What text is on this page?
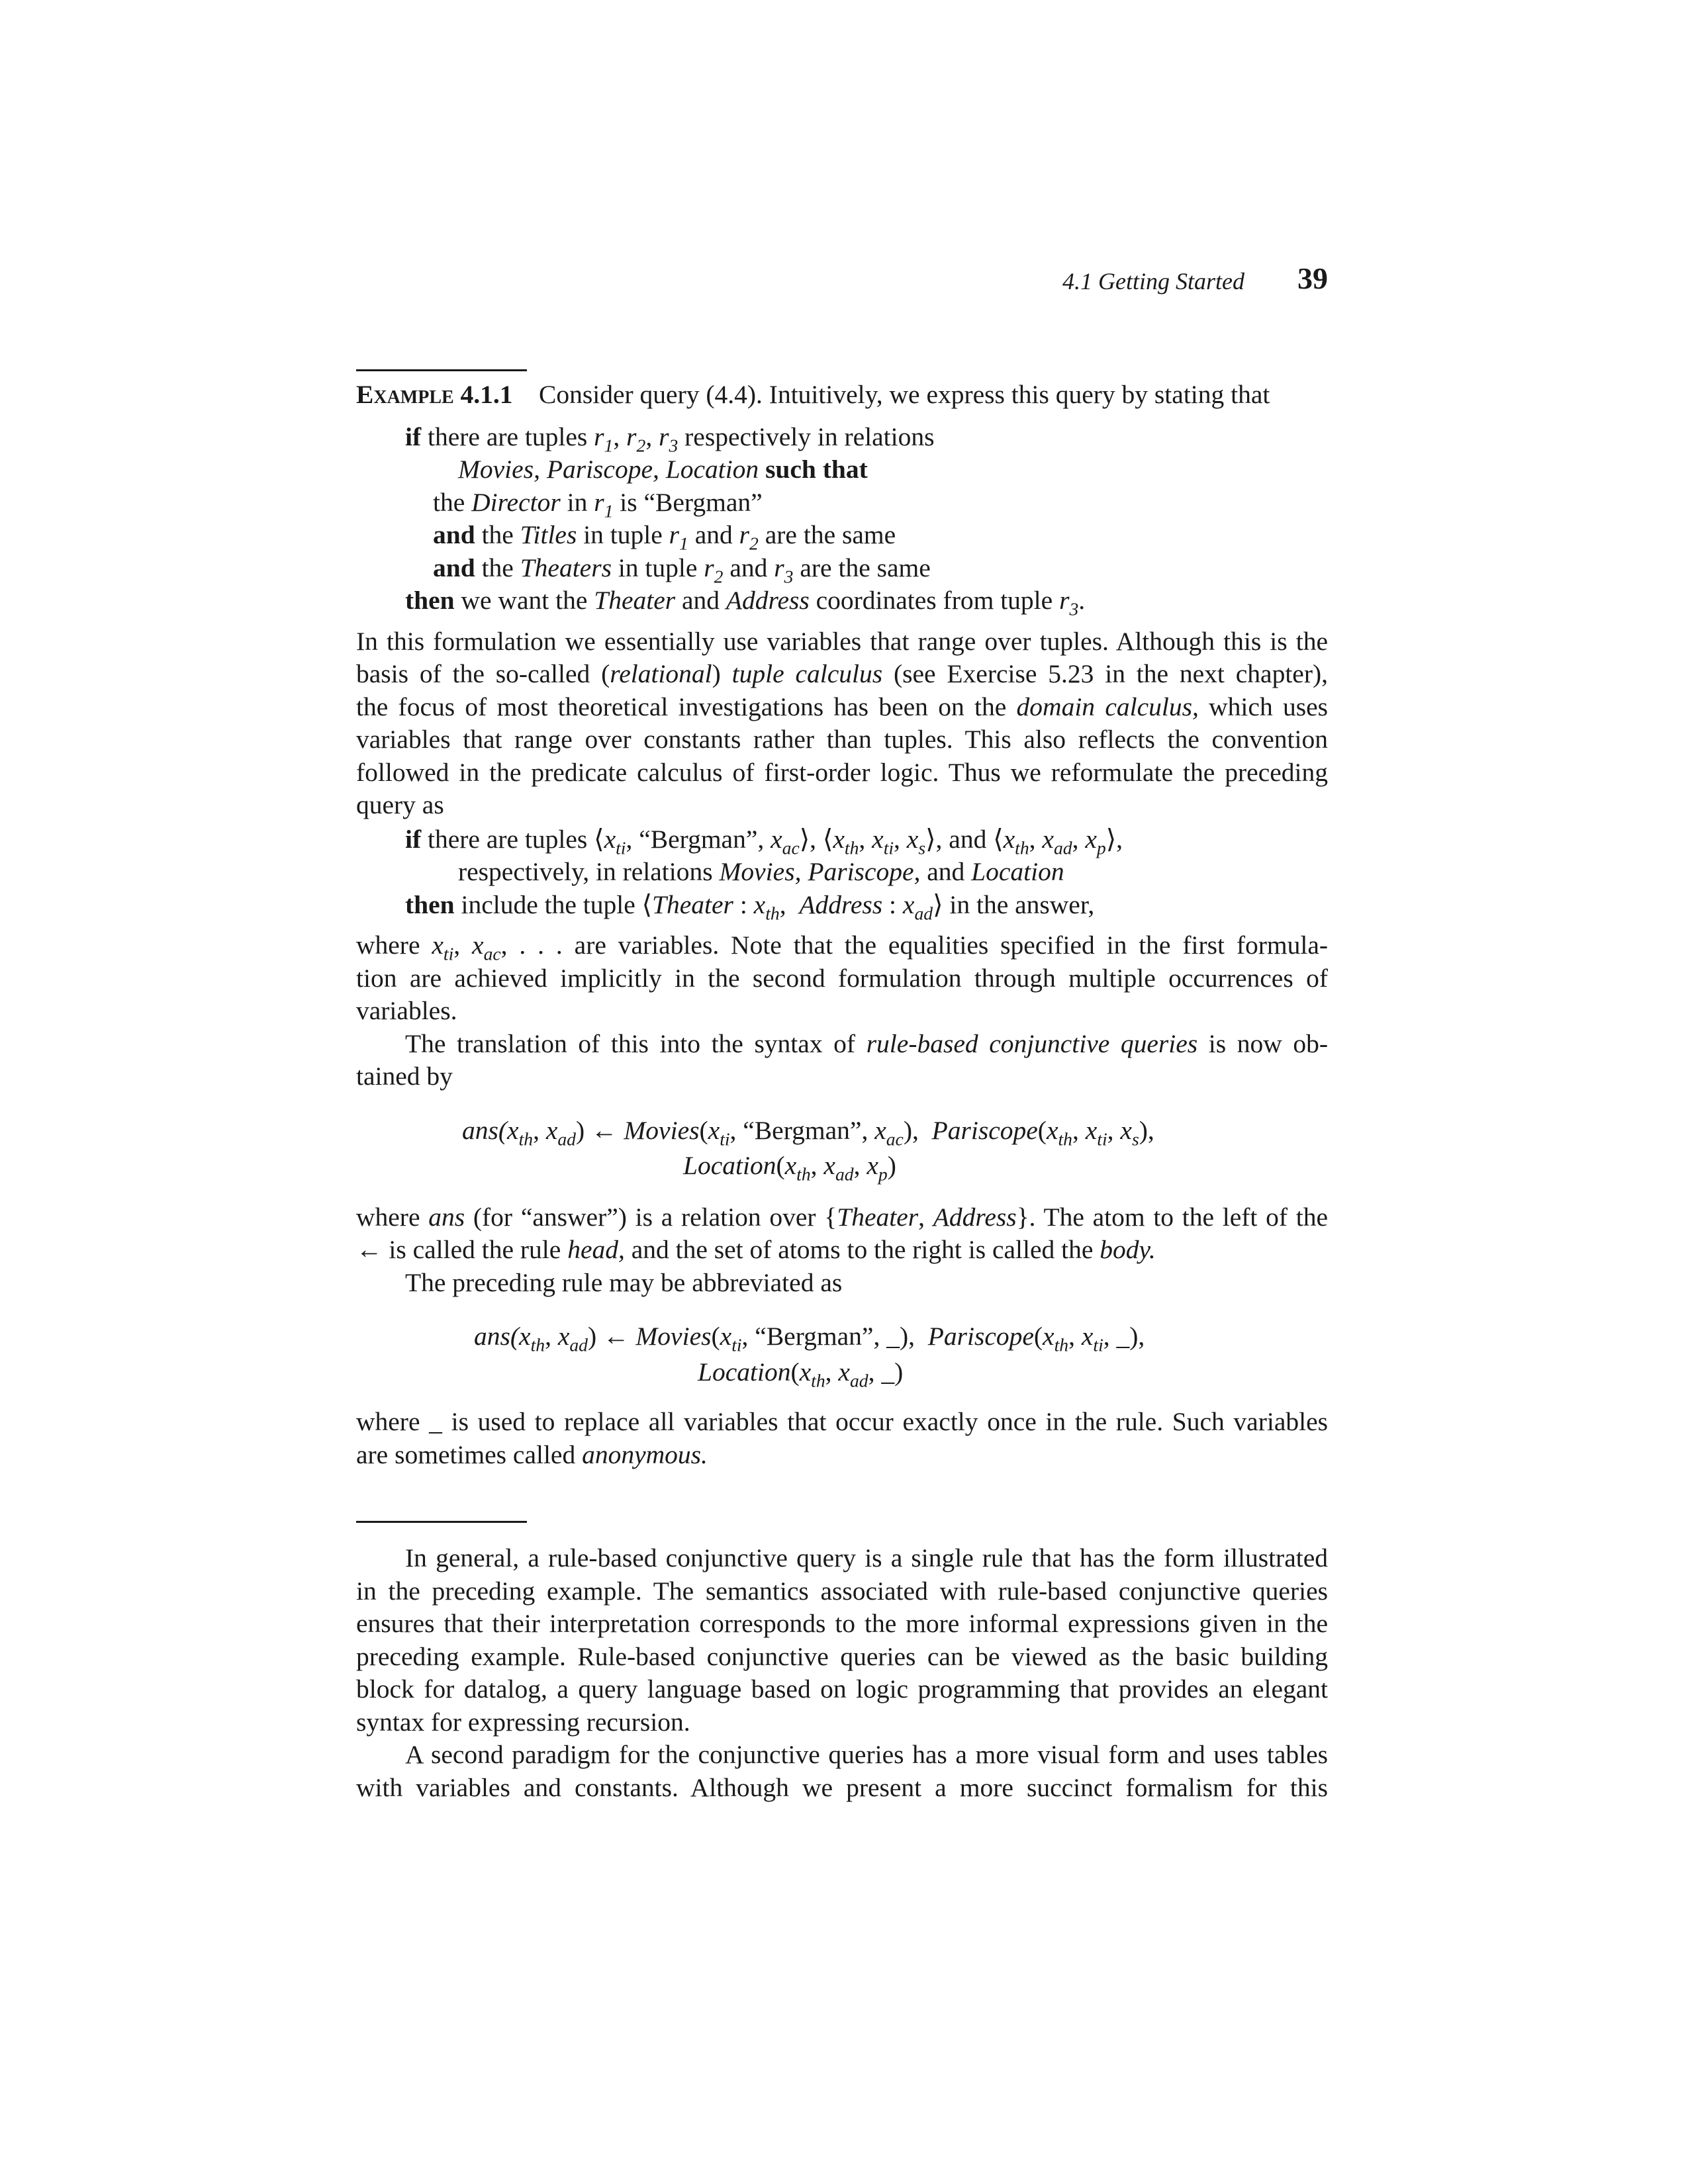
4.1 Getting Started 39
Example 4.1.1 Consider query (4.4). Intuitively, we express this query by stating that
if there are tuples $r_1$, $r_2$, $r_3$ respectively in relations
Movies, Pariscope, Location such that
the Director in $r_1$ is “Bergman”
and the Titles in tuple $r_1$ and $r_2$ are the same
and the Theaters in tuple $r_2$ and $r_3$ are the same
then we want the Theater and Address coordinates from tuple $r_3$.
In this formulation we essentially use variables that range over tuples. Although this is the
basis of the so-called (relational) tuple calculus (see Exercise 5.23 in the next chapter),
the focus of most theoretical investigations has been on the domain calculus, which uses
variables that range over constants rather than tuples. This also reflects the convention
followed in the predicate calculus of first-order logic. Thus we reformulate the preceding
query as
if there are tuples $⟨x_{ti}$, “Bergman”, $x_{ac}⟩$, $⟨x_{th}$, $x_{ti}$, $x_s⟩$, and $⟨x_{th}$, $x_{ad}$, $x_p⟩$,
respectively, in relations Movies, Pariscope, and Location
then include the tuple ⟨Theater : $x_{th}$,  Address : $x_{ad}⟩$ in the answer,
where $x_{ti}$, $x_{ac}$, . . . are variables. Note that the equalities specified in the first formula-
tion are achieved implicitly in the second formulation through multiple occurrences of
variables.
The translation of this into the syntax of rule-based conjunctive queries is now ob-
tained by
$ans(x_{th}$, $x_{ad}$) ← $Movies(x_{ti}$, “Bergman”, $x_{ac}$),  $Pariscope(x_{th}$, $x_{ti}$, $x_s$),
$Location(x_{th}$, $x_{ad}$, $x_p$)
where ans (for “answer”) is a relation over {Theater, Address}. The atom to the left of the
← is called the rule head, and the set of atoms to the right is called the body.
The preceding rule may be abbreviated as
$ans(x_{th}$, $x_{ad}$) ← $Movies(x_{ti}$, “Bergman”, _),  $Pariscope(x_{th}$, $x_{ti}$, _),
$Location(x_{th}$, $x_{ad}$, _)
where _ is used to replace all variables that occur exactly once in the rule. Such variables
are sometimes called anonymous.
In general, a rule-based conjunctive query is a single rule that has the form illustrated
in the preceding example. The semantics associated with rule-based conjunctive queries
ensures that their interpretation corresponds to the more informal expressions given in the
preceding example. Rule-based conjunctive queries can be viewed as the basic building
block for datalog, a query language based on logic programming that provides an elegant
syntax for expressing recursion.
A second paradigm for the conjunctive queries has a more visual form and uses tables
with variables and constants. Although we present a more succinct formalism for this
